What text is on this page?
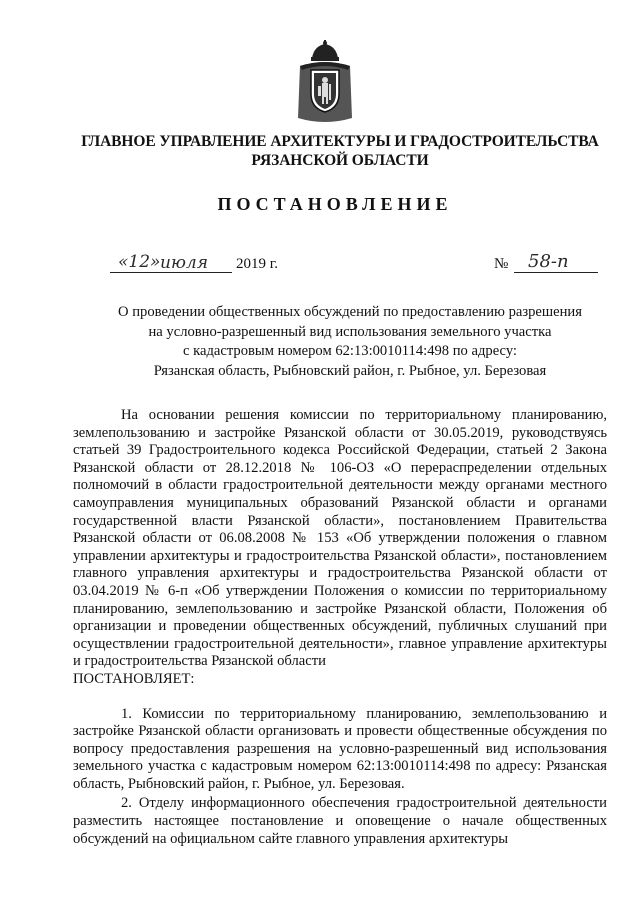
ГЛАВНОЕ УПРАВЛЕНИЕ АРХИТЕКТУРЫ И ГРАДОСТРОИТЕЛЬСТВА
РЯЗАНСКОЙ ОБЛАСТИ
ПОСТАНОВЛЕНИЕ
«12» июля 2019 г.	№ 58-п
О проведении общественных обсуждений по предоставлению разрешения
на условно-разрешенный вид использования земельного участка
с кадастровым номером 62:13:0010114:498 по адресу:
Рязанская область, Рыбновский район, г. Рыбное, ул. Березовая

На основании решения комиссии по территориальному планированию, землепользованию и застройке Рязанской области от 30.05.2019, руководствуясь статьей 39 Градостроительного кодекса Российской Федерации, статьей 2 Закона Рязанской области от 28.12.2018 № 106-ОЗ «О перераспределении отдельных полномочий в области градостроительной деятельности между органами местного самоуправления муниципальных образований Рязанской области и органами государственной власти Рязанской области», постановлением Правительства Рязанской области от 06.08.2008 № 153 «Об утверждении положения о главном управлении архитектуры и градостроительства Рязанской области», постановлением главного управления архитектуры и градостроительства Рязанской области от 03.04.2019 № 6-п «Об утверждении Положения о комиссии по территориальному планированию, землепользованию и застройке Рязанской области, Положения об организации и проведении общественных обсуждений, публичных слушаний при осуществлении градостроительной деятельности», главное управление архитектуры и градостроительства Рязанской области

ПОСТАНОВЛЯЕТ:

1. Комиссии по территориальному планированию, землепользованию и застройке Рязанской области организовать и провести общественные обсуждения по вопросу предоставления разрешения на условно-разрешенный вид использования земельного участка с кадастровым номером 62:13:0010114:498 по адресу: Рязанская область, Рыбновский район, г. Рыбное, ул. Березовая.

2. Отделу информационного обеспечения градостроительной деятельности разместить настоящее постановление и оповещение о начале общественных обсуждений на официальном сайте главного управления архитектуры
